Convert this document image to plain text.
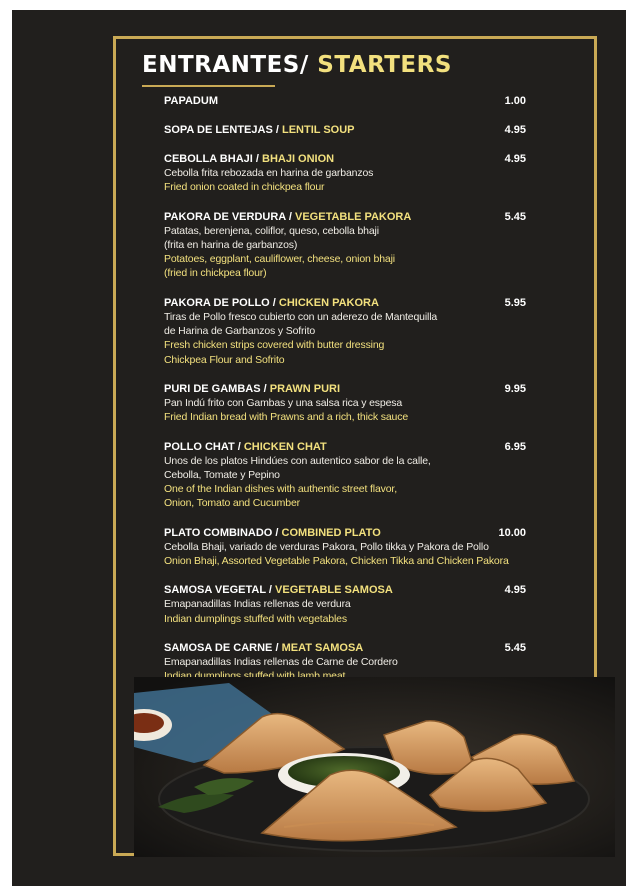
ENTRANTES/ STARTERS
PAPADUM	1.00
SOPA DE LENTEJAS / LENTIL SOUP	4.95
CEBOLLA BHAJI / BHAJI ONION	4.95
Cebolla frita rebozada en harina de garbanzos
Fried onion coated in chickpea flour
PAKORA DE VERDURA / VEGETABLE PAKORA	5.45
Patatas, berenjena, coliflor, queso, cebolla bhaji
(frita en harina de garbanzos)
Potatoes, eggplant, cauliflower, cheese, onion bhaji
(fried in chickpea flour)
PAKORA DE POLLO / CHICKEN PAKORA	5.95
Tiras de Pollo fresco cubierto con un aderezo de Mantequilla
de Harina de Garbanzos y Sofrito
Fresh chicken strips covered with butter dressing
Chickpea Flour and Sofrito
PURI DE GAMBAS / PRAWN PURI	9.95
Pan Indú frito con Gambas y una salsa rica y espesa
Fried Indian bread with Prawns and a rich, thick sauce
POLLO CHAT / CHICKEN CHAT	6.95
Unos de los platos Hindúes con autentico sabor de la calle,
Cebolla, Tomate y Pepino
One of the Indian dishes with authentic street flavor,
Onion, Tomato and Cucumber
PLATO COMBINADO / COMBINED PLATO	10.00
Cebolla Bhaji, variado de verduras Pakora, Pollo tikka y Pakora de Pollo
Onion Bhaji, Assorted Vegetable Pakora, Chicken Tikka and Chicken Pakora
SAMOSA VEGETAL / VEGETABLE SAMOSA	4.95
Emapanadillas Indias rellenas de verdura
Indian dumplings stuffed with vegetables
SAMOSA DE CARNE / MEAT SAMOSA	5.45
Emapanadillas Indias rellenas de Carne de Cordero
